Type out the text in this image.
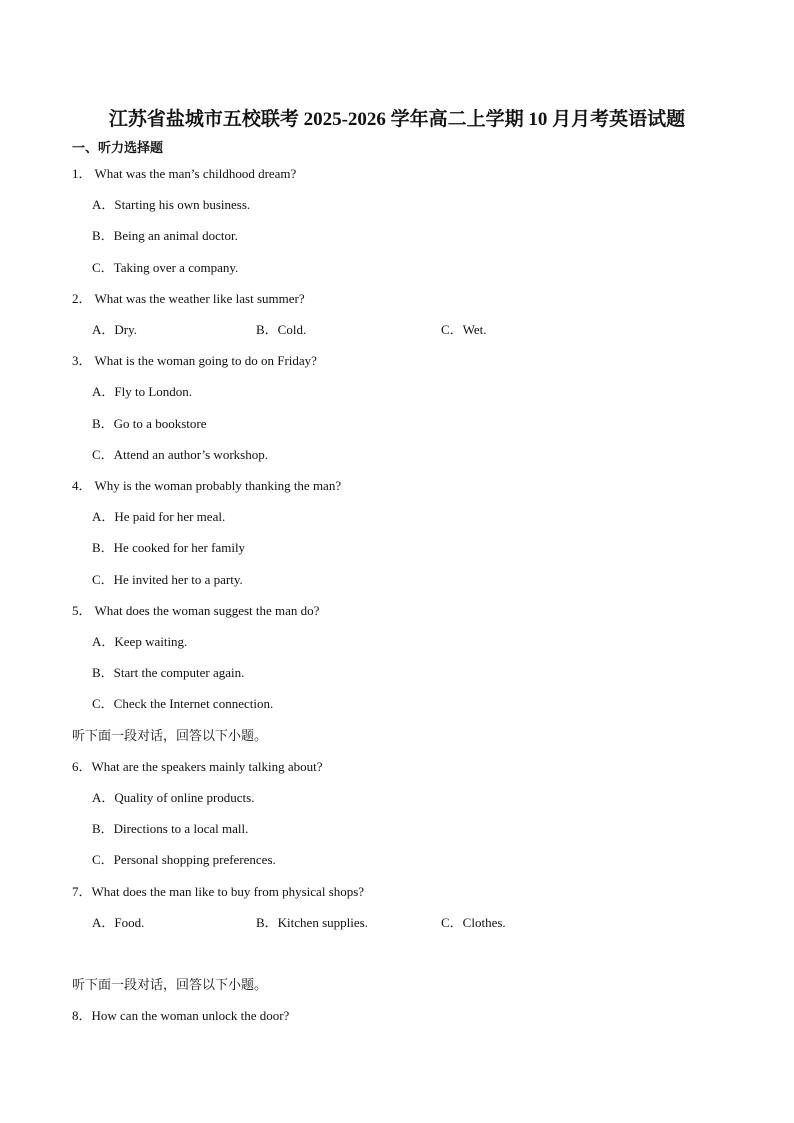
江苏省盐城市五校联考 2025-2026 学年高二上学期 10 月月考英语试题
一、听力选择题
1． What was the man’s childhood dream?
A．Starting his own business.
B．Being an animal doctor.
C．Taking over a company.
2． What was the weather like last summer?
A．Dry.	B．Cold.	C．Wet.
3． What is the woman going to do on Friday?
A．Fly to London.
B．Go to a bookstore
C．Attend an author’s workshop.
4． Why is the woman probably thanking the man?
A．He paid for her meal.
B．He cooked for her family
C．He invited her to a party.
5． What does the woman suggest the man do?
A．Keep waiting.
B．Start the computer again.
C．Check the Internet connection.
听下面一段对话，回答以下小题。
6．What are the speakers mainly talking about?
A．Quality of online products.
B．Directions to a local mall.
C．Personal shopping preferences.
7．What does the man like to buy from physical shops?
A．Food.	B．Kitchen supplies.	C．Clothes.
听下面一段对话，回答以下小题。
8．How can the woman unlock the door?
